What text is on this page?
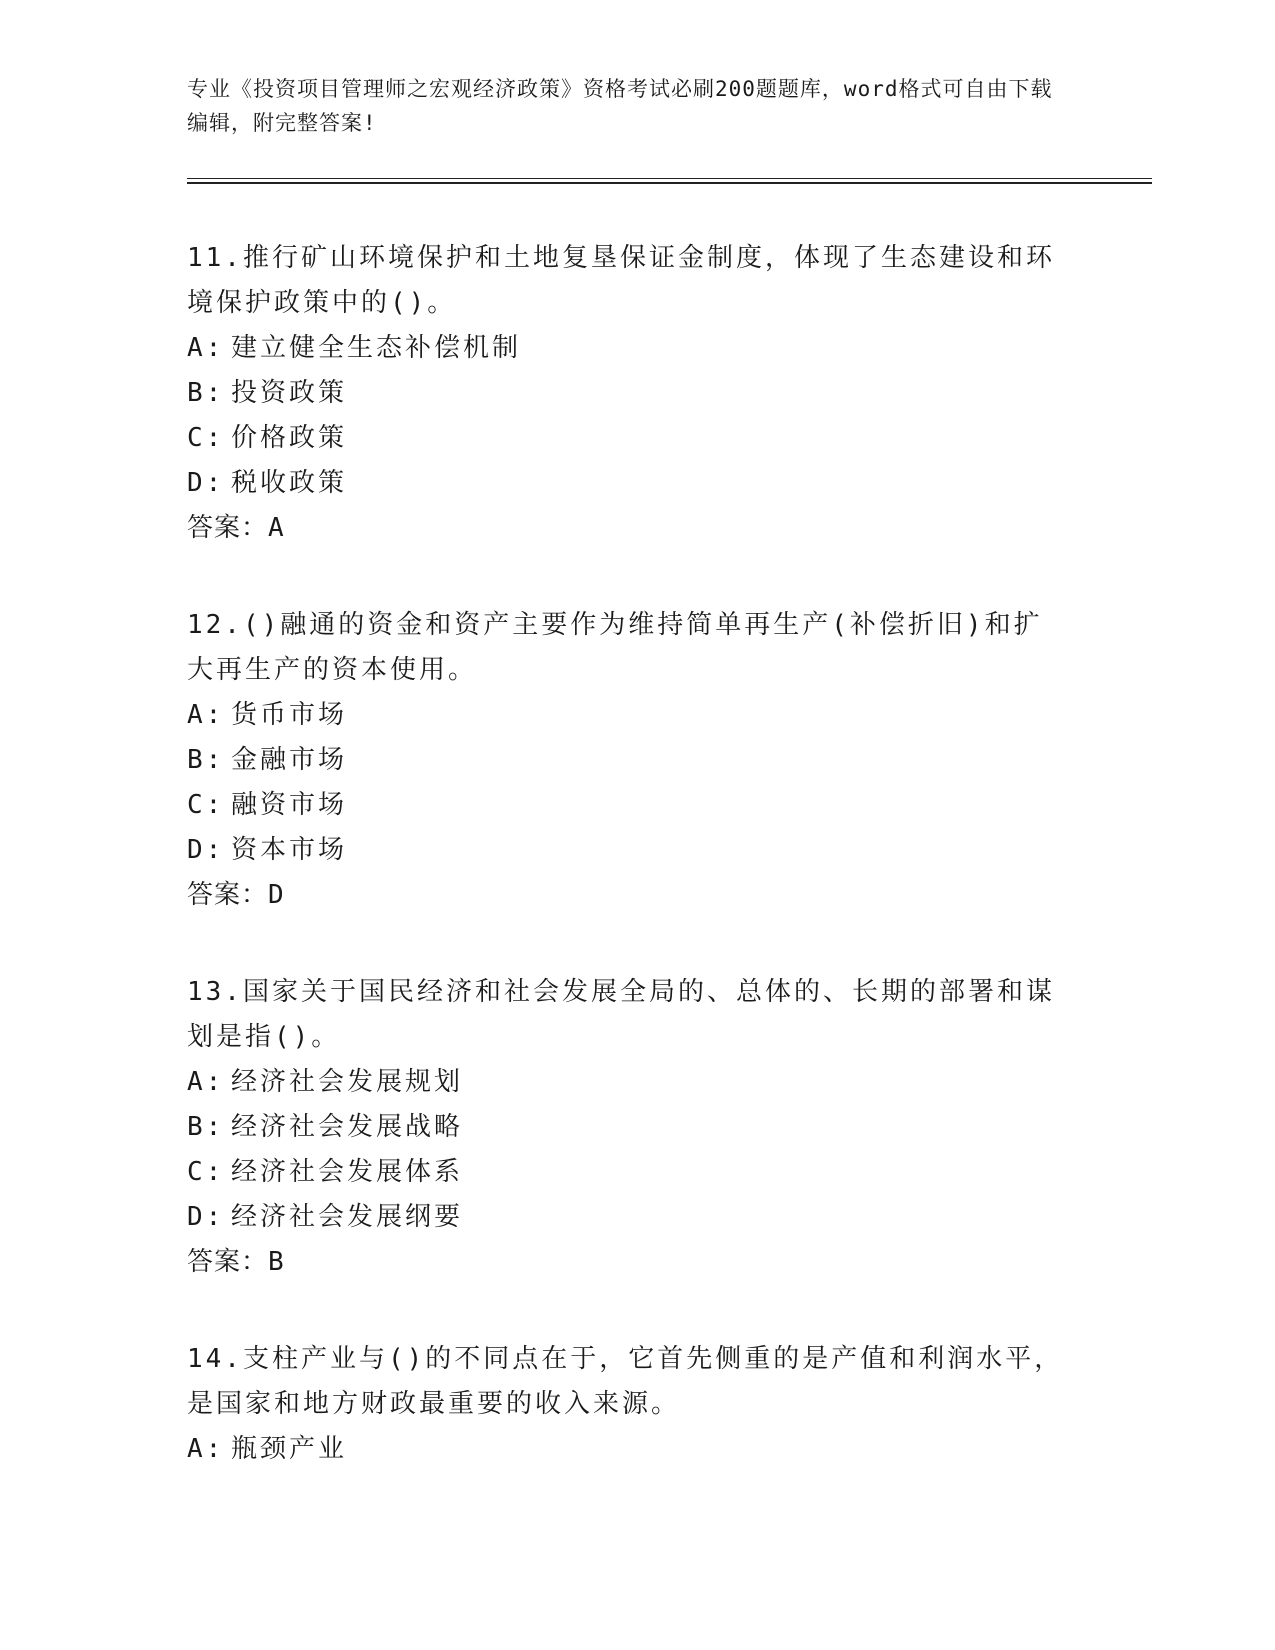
专业《投资项目管理师之宏观经济政策》资格考试必刷200题题库，word格式可自由下载编辑，附完整答案!

11.推行矿山环境保护和土地复垦保证金制度，体现了生态建设和环境保护政策中的()。

A: 建立健全生态补偿机制

B: 投资政策

C: 价格政策

D: 税收政策

答案：A

12.()融通的资金和资产主要作为维持简单再生产(补偿折旧)和扩大再生产的资本使用。

A: 货币市场

B: 金融市场

C: 融资市场

D: 资本市场

答案：D

13.国家关于国民经济和社会发展全局的、总体的、长期的部署和谋划是指()。

A: 经济社会发展规划

B: 经济社会发展战略

C: 经济社会发展体系

D: 经济社会发展纲要

答案：B

14.支柱产业与()的不同点在于，它首先侧重的是产值和利润水平，是国家和地方财政最重要的收入来源。

A: 瓶颈产业
